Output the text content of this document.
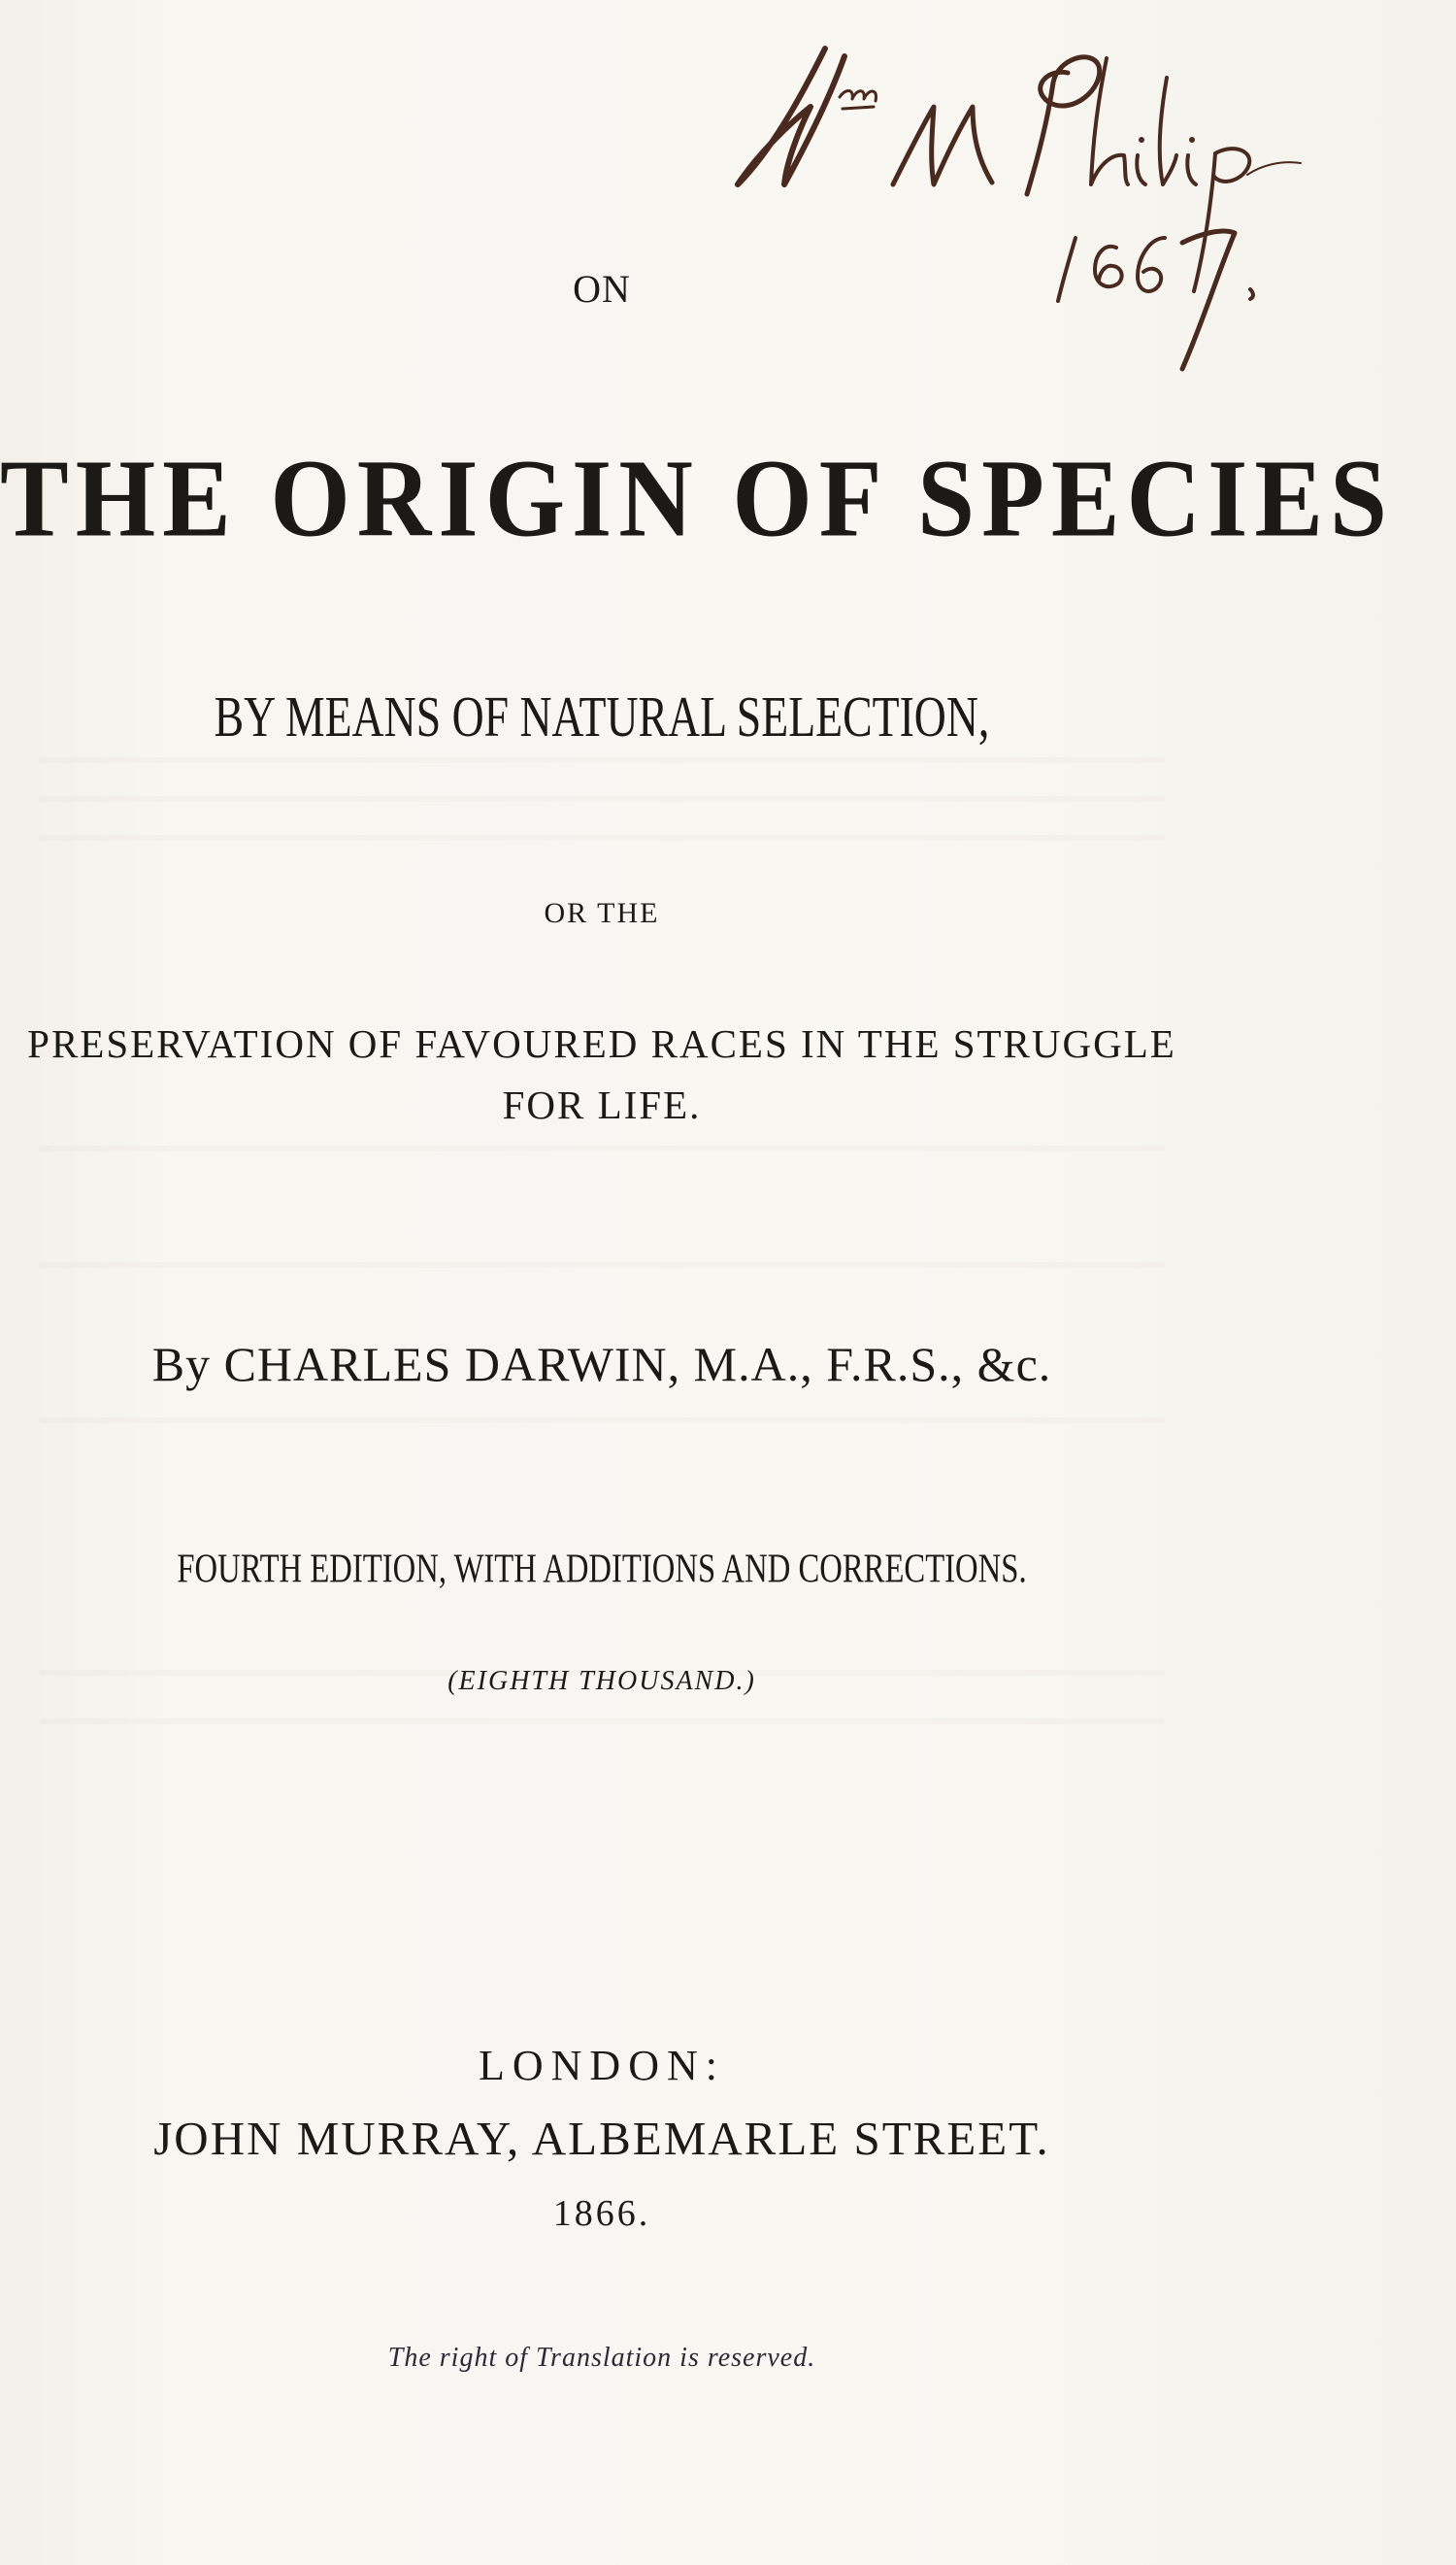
ON
THE ORIGIN OF SPECIES
BY MEANS OF NATURAL SELECTION,
OR THE
PRESERVATION OF FAVOURED RACES IN THE STRUGGLE
FOR LIFE.
By CHARLES DARWIN, M.A., F.R.S., &c.
FOURTH EDITION, WITH ADDITIONS AND CORRECTIONS.
(EIGHTH THOUSAND.)
LONDON:
JOHN MURRAY, ALBEMARLE STREET.
1866.
The right of Translation is reserved.
